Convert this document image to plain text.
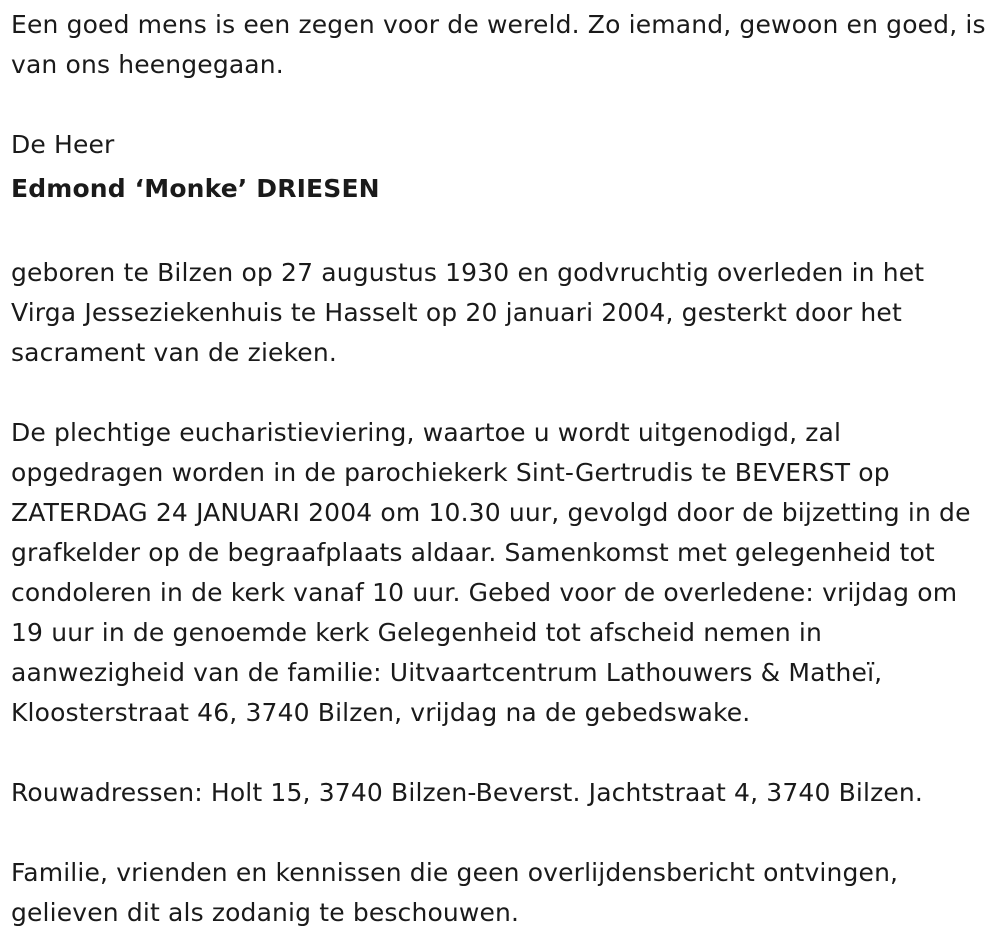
Een goed mens is een zegen voor de wereld. Zo iemand, gewoon en goed, is van ons heengegaan.

De Heer

Edmond ‘Monke’ DRIESEN

geboren te Bilzen op 27 augustus 1930 en godvruchtig overleden in het Virga Jesseziekenhuis te Hasselt op 20 januari 2004, gesterkt door het sacrament van de zieken.

De plechtige eucharistieviering, waartoe u wordt uitgenodigd, zal opgedragen worden in de parochiekerk Sint-Gertrudis te BEVERST op ZATERDAG 24 JANUARI 2004 om 10.30 uur, gevolgd door de bijzetting in de grafkelder op de begraafplaats aldaar. Samenkomst met gelegenheid tot condoleren in de kerk vanaf 10 uur. Gebed voor de overledene: vrijdag om 19 uur in de genoemde kerk Gelegenheid tot afscheid nemen in aanwezigheid van de familie: Uitvaartcentrum Lathouwers & Matheï, Kloosterstraat 46, 3740 Bilzen, vrijdag na de gebedswake.

Rouwadressen: Holt 15, 3740 Bilzen-Beverst. Jachtstraat 4, 3740 Bilzen.

Familie, vrienden en kennissen die geen overlijdensbericht ontvingen, gelieven dit als zodanig te beschouwen.
